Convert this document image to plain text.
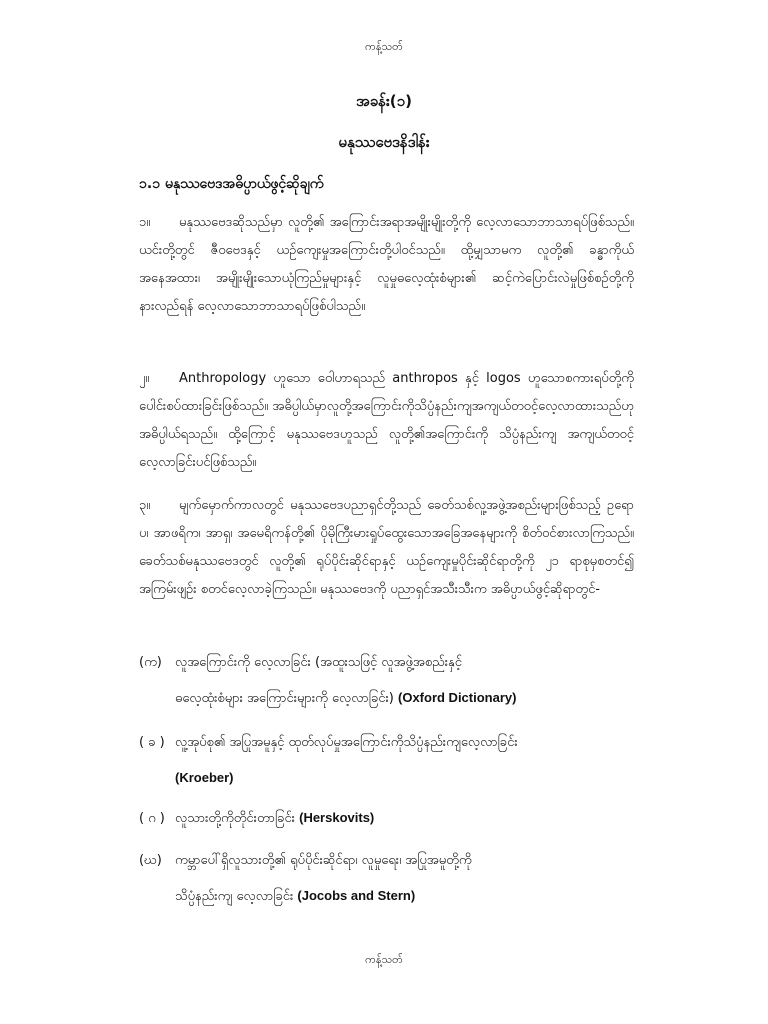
ကန့်သတ်
အခန်း(၁)
မနုဿဗေဒနိဒါန်း
၁.၁ မနုဿဗေဒအဓိပ္ပာယ်ဖွင့်ဆိုချက်
၁။ မနုဿဗေဒဆိုသည်မှာ လူတို့၏ အကြောင်းအရာအမျိုးမျိုးတို့ကို လေ့လာသောဘာသာရပ်ဖြစ်သည်။ ယင်းတို့တွင် ဇီဝဗေဒနှင့် ယဉ်ကျေးမှုအကြောင်းတို့ပါဝင်သည်။ ထို့မျှသာမက လူတို့၏ ခန္ဓာကိုယ်အနေအထား၊ အမျိုးမျိုးသောယုံကြည်မှုများနှင့် လူမှုဓလေ့ထုံးစံများ၏ ဆင့်ကဲပြောင်းလဲမှုဖြစ်စဉ်တို့ကိုနားလည်ရန် လေ့လာသောဘာသာရပ်ဖြစ်ပါသည်။
၂။ Anthropology ဟူသော ဝေါဟာရသည် anthropos နှင့် logos ဟူသောစကားရပ်တို့ကို ပေါင်းစပ်ထားခြင်းဖြစ်သည်။ အဓိပ္ပါယ်မှာလူတို့အကြောင်းကိုသိပ္ပံနည်းကျအကျယ်တဝင့်လေ့လာထားသည်ဟု အဓိပ္ပါယ်ရသည်။ ထို့ကြောင့် မနုဿဗေဒဟူသည် လူတို့၏အကြောင်းကို သိပ္ပံနည်းကျ အကျယ်တဝင့်လေ့လာခြင်းပင်ဖြစ်သည်။
၃။ မျက်မှောက်ကာလတွင် မနုဿဗေဒပညာရှင်တို့သည် ခေတ်သစ်လူ့အဖွဲ့အစည်းများဖြစ်သည့် ဥရောပ၊ အာဖရိက၊ အာရှ၊ အမေရိကန်တို့၏ ပိုမိုကြီးမားရှုပ်ထွေးသောအခြေအနေများကို စိတ်ဝင်စားလာကြသည်။ ခေတ်သစ်မနုဿဗေဒတွင် လူတို့၏ ရုပ်ပိုင်းဆိုင်ရာနှင့် ယဉ်ကျေးမှုပိုင်းဆိုင်ရာတို့ကို ၂၁ ရာစုမှစတင်၍ အကြမ်းဖျဉ်း စတင်လေ့လာခဲ့ကြသည်။ မနုဿဗေဒကို ပညာရှင်အသီးသီးက အဓိပ္ပာယ်ဖွင့်ဆိုရာတွင်-
(က) လူအကြောင်းကို လေ့လာခြင်း (အထူးသဖြင့် လူအဖွဲ့အစည်းနှင့်
ဓလေ့ထုံးစံများ အကြောင်းများကို လေ့လာခြင်း) (Oxford Dictionary)
( ခ ) လူ့အုပ်စု၏ အပြုအမူနှင့် ထုတ်လုပ်မှုအကြောင်းကိုသိပ္ပံနည်းကျလေ့လာခြင်း
(Kroeber)
( ဂ ) လူသားတို့ကိုတိုင်းတာခြင်း (Herskovits)
(ဃ) ကမ္ဘာပေါ်ရှိလူသားတို့၏ ရုပ်ပိုင်းဆိုင်ရာ၊ လူမှုရေး၊ အပြုအမူတို့ကို
သိပ္ပံနည်းကျ လေ့လာခြင်း (Jocobs and Stern)
ကန့်သတ်
